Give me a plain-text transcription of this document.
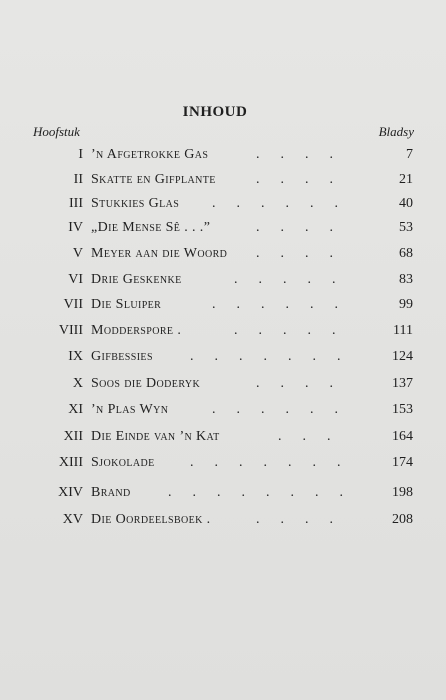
INHOUD
Hoofstuk	Bladsy
I ’n Afgetrokke Gas	.      .      .      .	7
II Skatte en Gifplante	.      .      .      .	21
III Stukkies Glas .      .      .      .      .      .	40
IV „Die Mense Sê . . .”	.      .      .      .	53
V Meyer aan die Woord .      .      .      .	68
VI Drie Geskenke	.      .      .      .      .	83
VII Die Sluiper	.      .      .      .      .      .	99
VIII Modderspore .	.      .      .      .      .	111
IX Gifbessies	.      .      .      .      .      .      .	124
X Soos die Doderyk	.      .      .      .	137
XI ’n Plas Wyn	.      .      .      .      .      .	153
XII Die Einde van ’n Kat	.      .      .	164
XIII Sjokolade	.      .      .      .      .      .      .	174
XIV Brand	.      .      .      .      .      .      .      .	198
XV Die Oordeelsboek .	.      .      .      .	208
